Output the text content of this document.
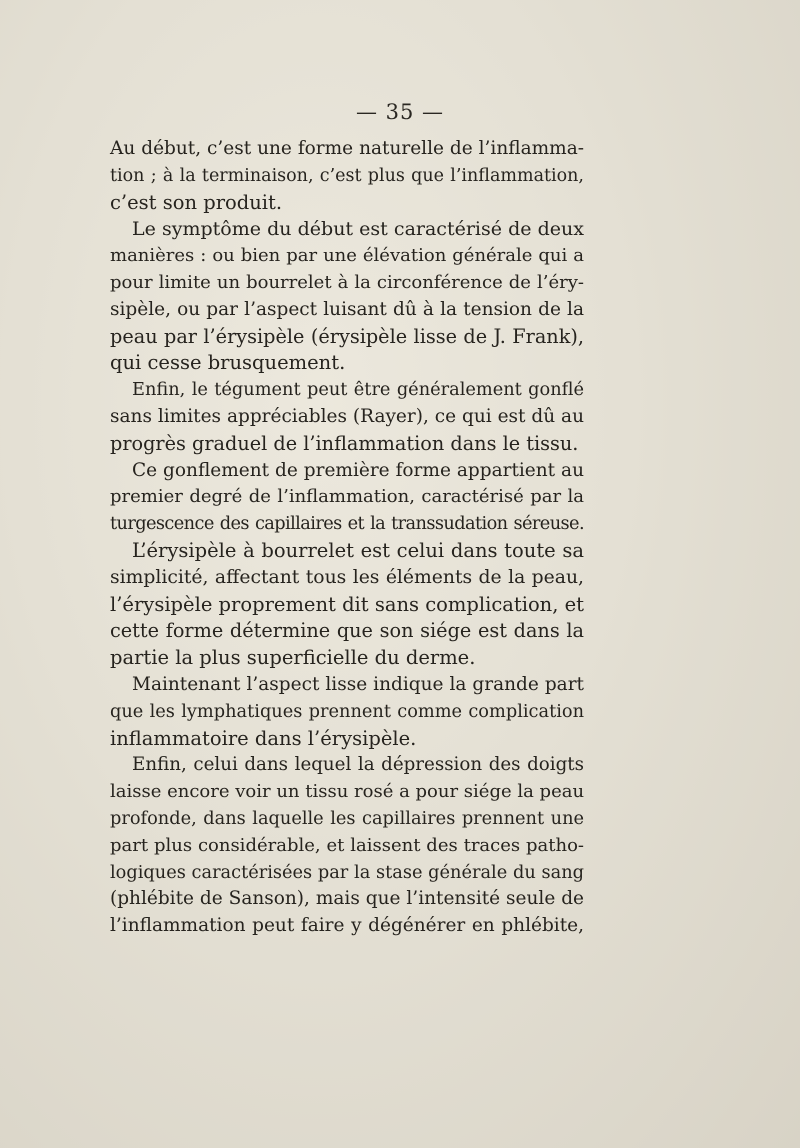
— 35 —
Au début, c’est une forme naturelle de l’inflamma-
tion ; à la terminaison, c’est plus que l’inflammation,
c’est son produit.
Le symptôme du début est caractérisé de deux
manières : ou bien par une élévation générale qui a
pour limite un bourrelet à la circonférence de l’éry-
sipèle, ou par l’aspect luisant dû à la tension de la
peau par l’érysipèle (érysipèle lisse de J. Frank),
qui cesse brusquement.
Enfin, le tégument peut être généralement gonflé
sans limites appréciables (Rayer), ce qui est dû au
progrès graduel de l’inflammation dans le tissu.
Ce gonflement de première forme appartient au
premier degré de l’inflammation, caractérisé par la
turgescence des capillaires et la transsudation séreuse.
L’érysipèle à bourrelet est celui dans toute sa
simplicité, affectant tous les éléments de la peau,
l’érysipèle proprement dit sans complication, et
cette forme détermine que son siége est dans la
partie la plus superficielle du derme.
Maintenant l’aspect lisse indique la grande part
que les lymphatiques prennent comme complication
inflammatoire dans l’érysipèle.
Enfin, celui dans lequel la dépression des doigts
laisse encore voir un tissu rosé a pour siége la peau
profonde, dans laquelle les capillaires prennent une
part plus considérable, et laissent des traces patho-
logiques caractérisées par la stase générale du sang
(phlébite de Sanson), mais que l’intensité seule de
l’inflammation peut faire y dégénérer en phlébite,
